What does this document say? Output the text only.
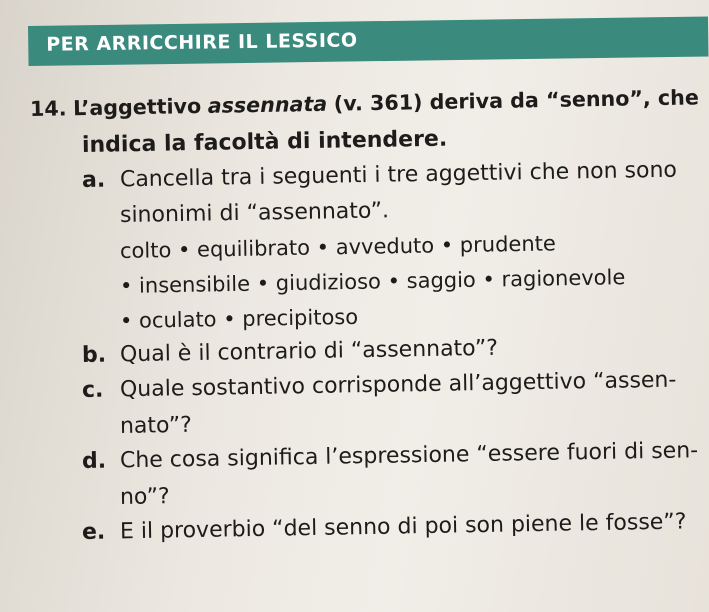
PER ARRICCHIRE IL LESSICO
14. L’aggettivo assennata (v. 361) deriva da “senno”, che
indica la facoltà di intendere.
a. Cancella tra i seguenti i tre aggettivi che non sono
sinonimi di “assennato”.
colto • equilibrato • avveduto • prudente
• insensibile • giudizioso • saggio • ragionevole
• oculato • precipitoso
b. Qual è il contrario di “assennato”?
c. Quale sostantivo corrisponde all’aggettivo “assen-
nato”?
d. Che cosa significa l’espressione “essere fuori di sen-
no”?
e. E il proverbio “del senno di poi son piene le fosse”?
